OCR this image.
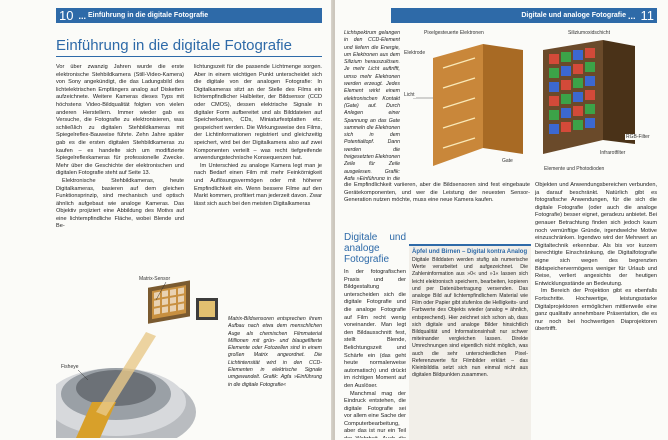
10 ... Einführung in die digitale Fotografie
Einführung in die digitale Fotografie

Vor über zwanzig Jahren wurde die erste elektronische Stehbildkamera (Still-Video-Kamera) von Sony angekündigt, die das Ladungsbild des lichtelektrischen Empfängers analog auf Disketten aufzeichnete. Weitere Kameras dieses Typs mit höchstens Video-Bildqualität folgten von vielen anderen Herstellern. Immer wieder gab es Versuche, die Fotografie zu elektronisieren, was schließlich zu digitalen Stehbildkameras mit Spiegelreflex-Bauweise führte. Zehn Jahre später gab es die ersten digitalen Stehbildkameras zu kaufen – es handelte sich um modifizierte Spiegelreflexkameras für professionelle Zwecke. Mehr über die Geschichte der elektronischen und digitalen Fotografie steht auf Seite 13.

Elektronische Stehbildkameras, heute Digitalkameras, basieren auf dem gleichen Funktionsprinzip, sind mechanisch und optisch ähnlich aufgebaut wie analoge Kameras. Das Objektiv projiziert eine Abbildung des Motivs auf eine lichtempfindliche Fläche, wobei Blende und Be-

lichtungszeit für die passende Lichtmenge sorgen. Aber in einem wichtigen Punkt unterscheidet sich die digitale von der analogen Fotografie: In Digitalkameras sitzt an der Stelle des Films ein lichtempfindlicher Halbleiter, der Bildsensor (CCD oder CMOS), dessen elektrische Signale in digitaler Form aufbereitet und als Bilddateien auf Speicherkarten, CDs, Miniaturfestplatten etc. gespeichert werden. Die Wirkungsweise des Films, der Lichtinformationen registriert und gleichzeitig speichert, wird bei der Digitalkamera also auf zwei Komponenten verteilt – was recht tiefgreifende anwendungstechnische Konsequenzen hat.

Im Unterschied zu analoge Kamera legt man je nach Bedarf einen Film mit mehr Feinkörnigkeit und Auflösungsvermögen oder mit höherer Empfindlichkeit ein. Wenn bessere Filme auf den Markt kommen, profitiert man jederzeit davon. Zwar lässt sich auch bei den meisten Digitalkameras

Matrix-Sensor
Fisheye

Matrix-Bildsensoren entsprechen ihrem Aufbau nach etwa dem menschlichen Auge als chemischen Filmmaterial Millionen mit grün- und blaugefilterte Elemente oder Fotozellen sind in einem großen Matrix angeordnet. Die Lichtintensität wird in den CCD-Elementen in elektrische Signale umgewandelt. Grafik: Agfa »Einführung in die digitale Fotografie«

Digitale und analoge Fotografie ... 11

Lichtspektrum gelangen in den CCD-Element und liefern die Energie, um Elektronen aus dem Silizium herauszulösen. Je mehr Licht auftrifft, umso mehr Elektronen werden erzeugt. Jedes Element wirkt einem elektronischen Kontakt (Gate) auf. Durch Anlegen einer Spannung an das Gate sammeln die Elektronen sich in dem Potentialtopf. Dann werden die freigesetzten Elektronen Zeile für Zeile ausgelesen. Grafik: Agfa »Einführung in die

Pixelgesteuerte Elektronen	Siliziumoxidschicht
Elektrode
Licht
Infrarotfilter
RGB-Filter
Gate
Elemente und Photodioden

die Empfindlichkeit variieren, aber die Bildsensoren sind fest eingebaute Gerätekomponenten, und wer die Leistung der neuesten Sensor-Generation nutzen möchte, muss eine neue Kamera kaufen.

Digitale und analoge Fotografie

In der fotografischen Praxis und der Bildgestaltung unterscheiden sich die digitale Fotografie und die analoge Fotografie auf Film recht wenig voneinander. Man legt den Bildausschnitt fest, stellt Blende, Belichtungszeit und Schärfe ein (das geht heute normalerweise automatisch) und drückt im richtigen Moment auf den Auslöser.

Manchmal mag der Eindruck entstehen, die digitale Fotografie sei vor allem eine Sache der Computerbearbeitung, aber das ist nur ein Teil

Äpfel und Birnen – Digital kontra Analog
Digitale Bilddaten werden stufig als numerische Werte verarbeitet und aufgezeichnet. Die Zahleninformation aus »0« und »1« lassen sich leicht elektronisch speichern, bearbeiten, kopieren und per Datenübertragung versenden. Das analoge Bild auf lichtempfindlichem Material wie Film oder Papier gibt stufenlos die Helligkeits- und Farbwerte des Objekts wieder (analog = ähnlich, entsprechend). Hier zeichnet sich schon ab, dass sich digitale und analoge Bilder hinsichtlich Bildqualität und Informationsinhalt nur schwer miteinander vergleichen lassen. Direkte Umrechnungen sind eigentlich nicht möglich, was auch die sehr unterschiedlichen Pixel-Referenzwerte für Filmbilder erklärt – das Kleinbilddia setzt sich nun einmal nicht aus digitalen Bildpunkten zusammen.

Objekten und Anwendungsbereichen verbunden, ja darauf beschränkt. Natürlich gibt es fotografische Anwendungen, für die sich die digitale Fotografie (oder auch die analoge Fotografie) besser eignet, geradezu anbietet. Bei genauer Betrachtung finden sich jedoch kaum noch vernünftige Gründe, irgendwelche Motive einzuschränken. Irgendwo wird der Mehrwert an Digitaltechnik erkennbar. Als bis vor kurzem berechtigte Einschränkung, die Digitalfotografie eigne sich wegen des begrenzten Bildspeichervermögens weniger für Urlaub und Reise, verliert angesichts der heutigen Entwicklungsstände an Bedeutung.

Im Bereich der Projektion gibt es ebenfalls Fortschritte. Hochwertige, leistungsstarke Digitalprojektoren ermöglichen mittlerweile eine ganz qualitativ annehmbare Präsentation, die es nur noch bei hochwertigen Diaprojektoren übertrifft.
